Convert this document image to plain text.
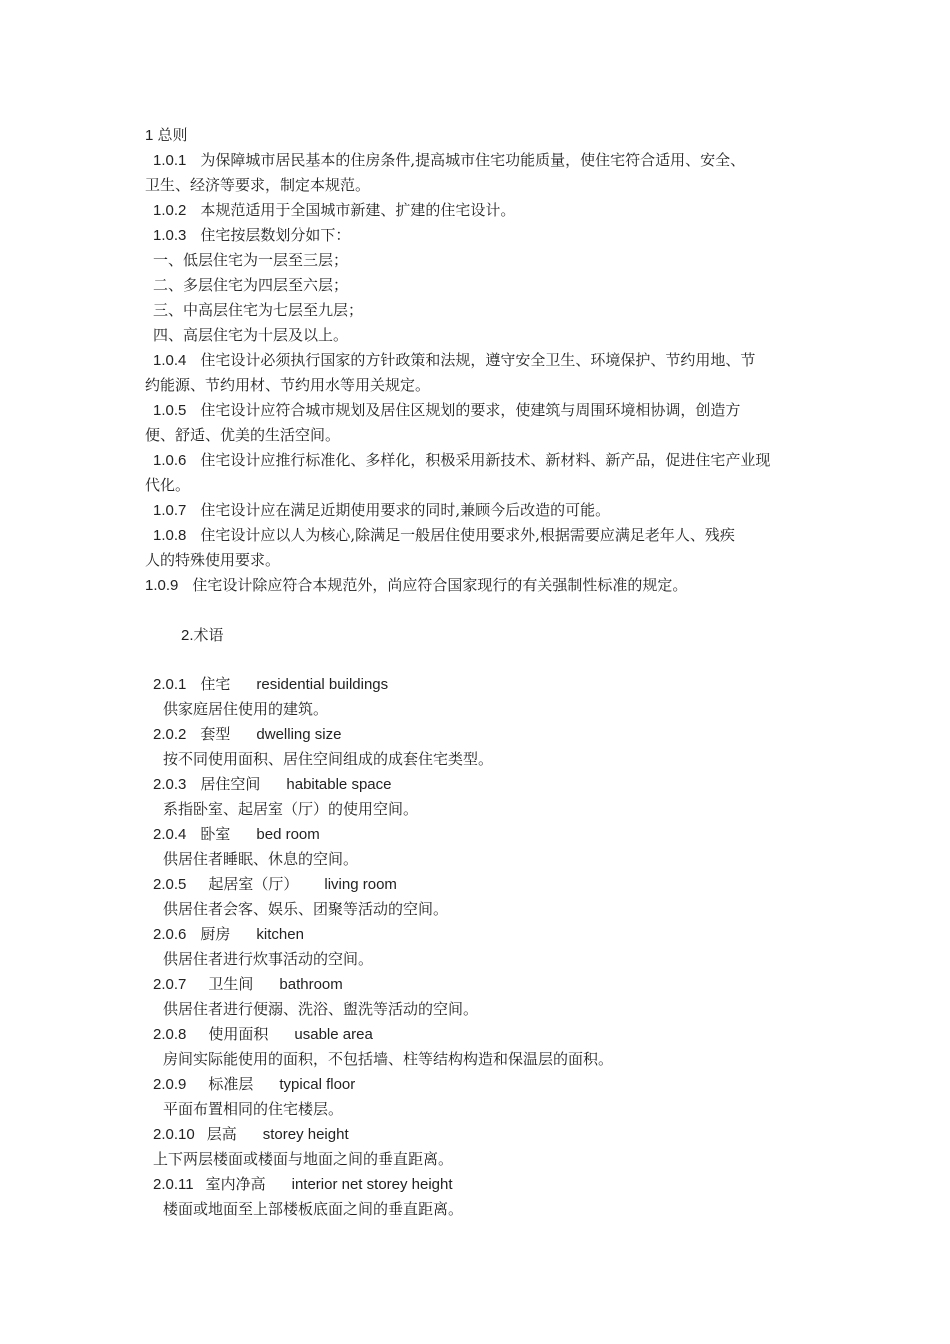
1 总则
1.0.1 为保障城市居民基本的住房条件,提高城市住宅功能质量，使住宅符合适用、安全、
卫生、经济等要求，制定本规范。
1.0.2 本规范适用于全国城市新建、扩建的住宅设计。
1.0.3 住宅按层数划分如下：
一、低层住宅为一层至三层；
二、多层住宅为四层至六层；
三、中高层住宅为七层至九层；
四、高层住宅为十层及以上。
1.0.4 住宅设计必须执行国家的方针政策和法规，遵守安全卫生、环境保护、节约用地、节
约能源、节约用材、节约用水等用关规定。
1.0.5 住宅设计应符合城市规划及居住区规划的要求，使建筑与周围环境相协调，创造方
便、舒适、优美的生活空间。
1.0.6 住宅设计应推行标准化、多样化，积极采用新技术、新材料、新产品，促进住宅产业现
代化。
1.0.7 住宅设计应在满足近期使用要求的同时,兼顾今后改造的可能。
1.0.8 住宅设计应以人为核心,除满足一般居住使用要求外,根据需要应满足老年人、残疾
人的特殊使用要求。
1.0.9 住宅设计除应符合本规范外，尚应符合国家现行的有关强制性标准的规定。
2.术语
2.0.1 住宅 residential buildings
供家庭居住使用的建筑。
2.0.2 套型 dwelling size
按不同使用面积、居住空间组成的成套住宅类型。
2.0.3 居住空间 habitable space
系指卧室、起居室（厅）的使用空间。
2.0.4 卧室 bed room
供居住者睡眠、休息的空间。
2.0.5 起居室（厅） living room
供居住者会客、娱乐、团聚等活动的空间。
2.0.6 厨房 kitchen
供居住者进行炊事活动的空间。
2.0.7 卫生间 bathroom
供居住者进行便溺、洗浴、盥洗等活动的空间。
2.0.8 使用面积 usable area
房间实际能使用的面积，不包括墙、柱等结构构造和保温层的面积。
2.0.9 标准层 typical floor
平面布置相同的住宅楼层。
2.0.10 层高 storey height
上下两层楼面或楼面与地面之间的垂直距离。
2.0.11 室内净高 interior net storey height
楼面或地面至上部楼板底面之间的垂直距离。
